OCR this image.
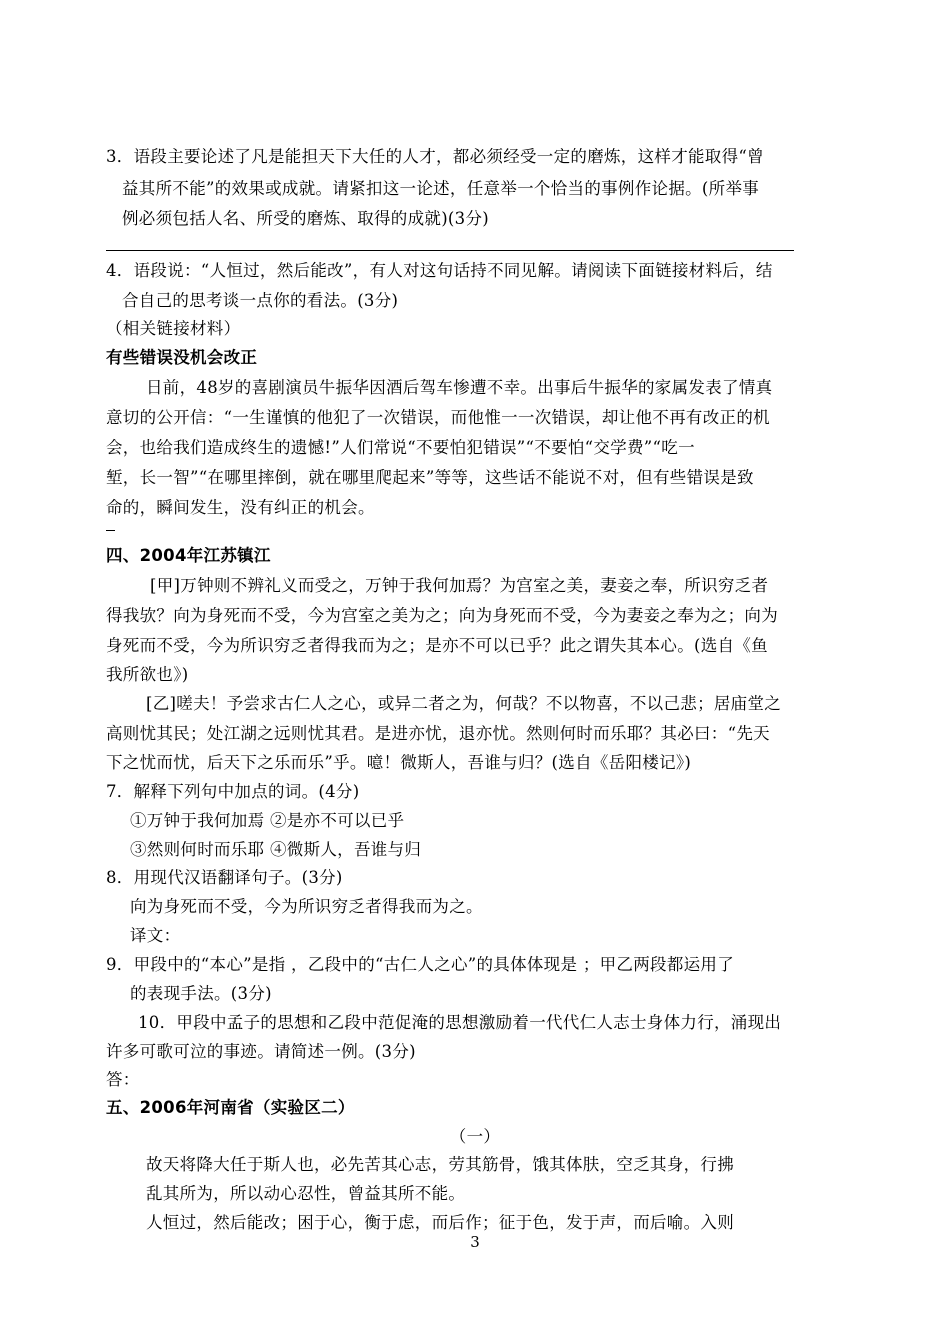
3．语段主要论述了凡是能担天下大任的人才，都必须经受一定的磨炼，这样才能取得“曾
益其所不能”的效果或成就。请紧扣这一论述，任意举一个恰当的事例作论据。(所举事
例必须包括人名、所受的磨炼、取得的成就)(3分)
4．语段说：“人恒过，然后能改”，有人对这句话持不同见解。请阅读下面链接材料后，结
合自己的思考谈一点你的看法。(3分)
（相关链接材料）
有些错误没机会改正
日前，48岁的喜剧演员牛振华因酒后驾车惨遭不幸。出事后牛振华的家属发表了情真
意切的公开信：“一生谨慎的他犯了一次错误，而他惟一一次错误，却让他不再有改正的机
会，也给我们造成终生的遗憾!”人们常说“不要怕犯错误”“不要怕“交学费”“吃一
堑，长一智”“在哪里摔倒，就在哪里爬起来”等等，这些话不能说不对，但有些错误是致
命的，瞬间发生，没有纠正的机会。
四、2004年江苏镇江
[甲]万钟则不辨礼义而受之，万钟于我何加焉？为宫室之美，妻妾之奉，所识穷乏者
得我欤？向为身死而不受，今为宫室之美为之；向为身死而不受，今为妻妾之奉为之；向为
身死而不受，今为所识穷乏者得我而为之；是亦不可以已乎？此之谓失其本心。(选自《鱼
我所欲也》)
[乙]嗟夫！予尝求古仁人之心，或异二者之为，何哉？不以物喜，不以己悲；居庙堂之
高则忧其民；处江湖之远则忧其君。是进亦忧，退亦忧。然则何时而乐耶？其必曰：“先天
下之忧而忧，后天下之乐而乐”乎。噫！微斯人，吾谁与归？(选自《岳阳楼记》)
7．解释下列句中加点的词。(4分)
①万钟于我何加焉 ②是亦不可以已乎
③然则何时而乐耶 ④微斯人，吾谁与归
8．用现代汉语翻译句子。(3分)
向为身死而不受，今为所识穷乏者得我而为之。
译文：
9．甲段中的“本心”是指 ，乙段中的“古仁人之心”的具体体现是 ；甲乙两段都运用了
的表现手法。(3分)
10．甲段中孟子的思想和乙段中范促淹的思想激励着一代代仁人志士身体力行，涌现出
许多可歌可泣的事迹。请简述一例。(3分)
答：
五、2006年河南省（实验区二）
（一）
故天将降大任于斯人也，必先苦其心志，劳其筋骨，饿其体肤，空乏其身，行拂
乱其所为，所以动心忍性，曾益其所不能。
人恒过，然后能改；困于心，衡于虑，而后作；征于色，发于声，而后喻。入则
3
